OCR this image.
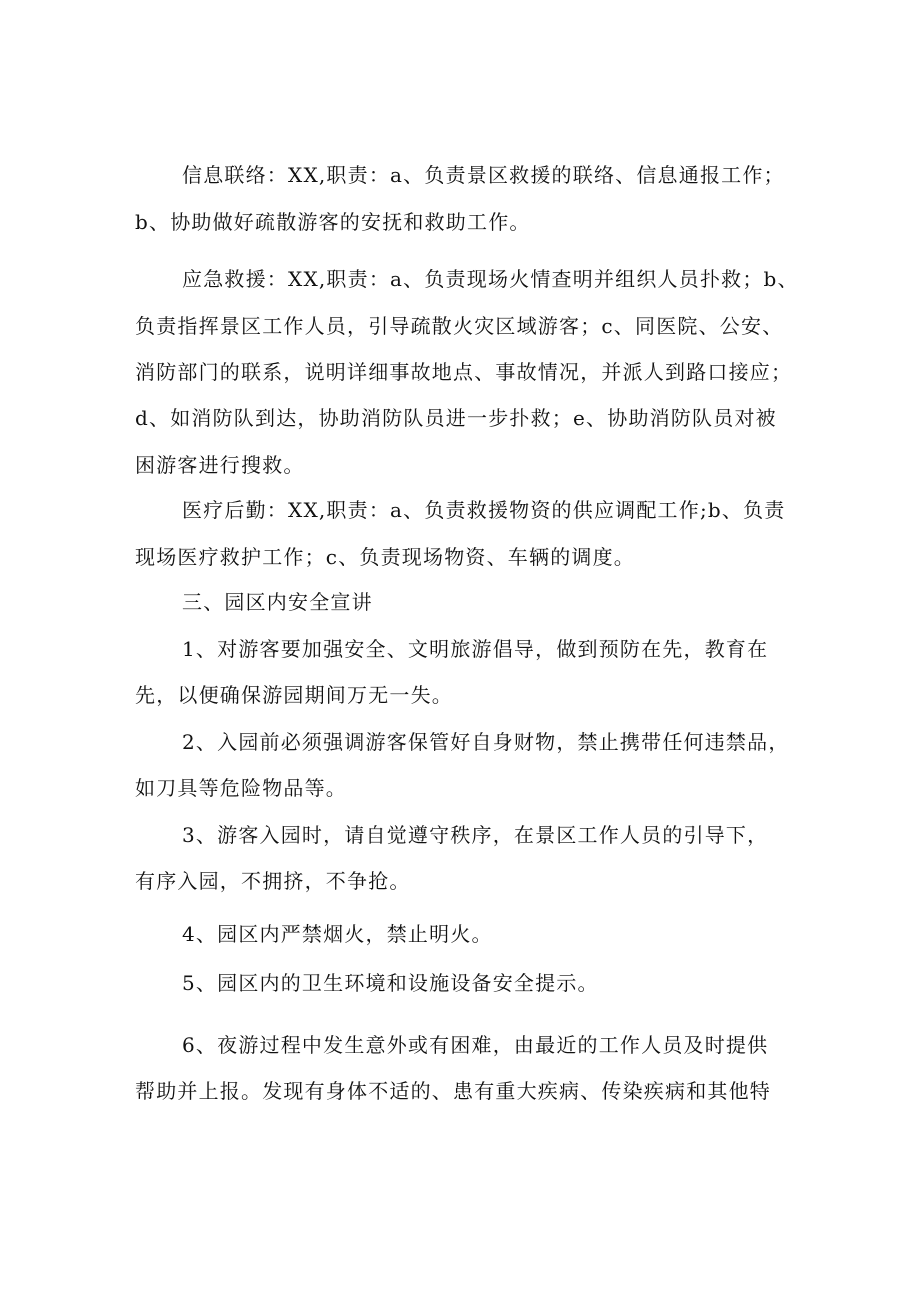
信息联络：XX,职责：a、负责景区救援的联络、信息通报工作；
b、协助做好疏散游客的安抚和救助工作。
应急救援：XX,职责：a、负责现场火情查明并组织人员扑救；b、
负责指挥景区工作人员，引导疏散火灾区域游客；c、同医院、公安、
消防部门的联系，说明详细事故地点、事故情况，并派人到路口接应；
d、如消防队到达，协助消防队员进一步扑救；e、协助消防队员对被
困游客进行搜救。
医疗后勤：XX,职责：a、负责救援物资的供应调配工作;b、负责
现场医疗救护工作；c、负责现场物资、车辆的调度。
三、园区内安全宣讲
1、对游客要加强安全、文明旅游倡导，做到预防在先，教育在
先，以便确保游园期间万无一失。
2、入园前必须强调游客保管好自身财物，禁止携带任何违禁品，
如刀具等危险物品等。
3、游客入园时，请自觉遵守秩序，在景区工作人员的引导下，
有序入园，不拥挤，不争抢。
4、园区内严禁烟火，禁止明火。
5、园区内的卫生环境和设施设备安全提示。
6、夜游过程中发生意外或有困难，由最近的工作人员及时提供
帮助并上报。发现有身体不适的、患有重大疾病、传染疾病和其他特
